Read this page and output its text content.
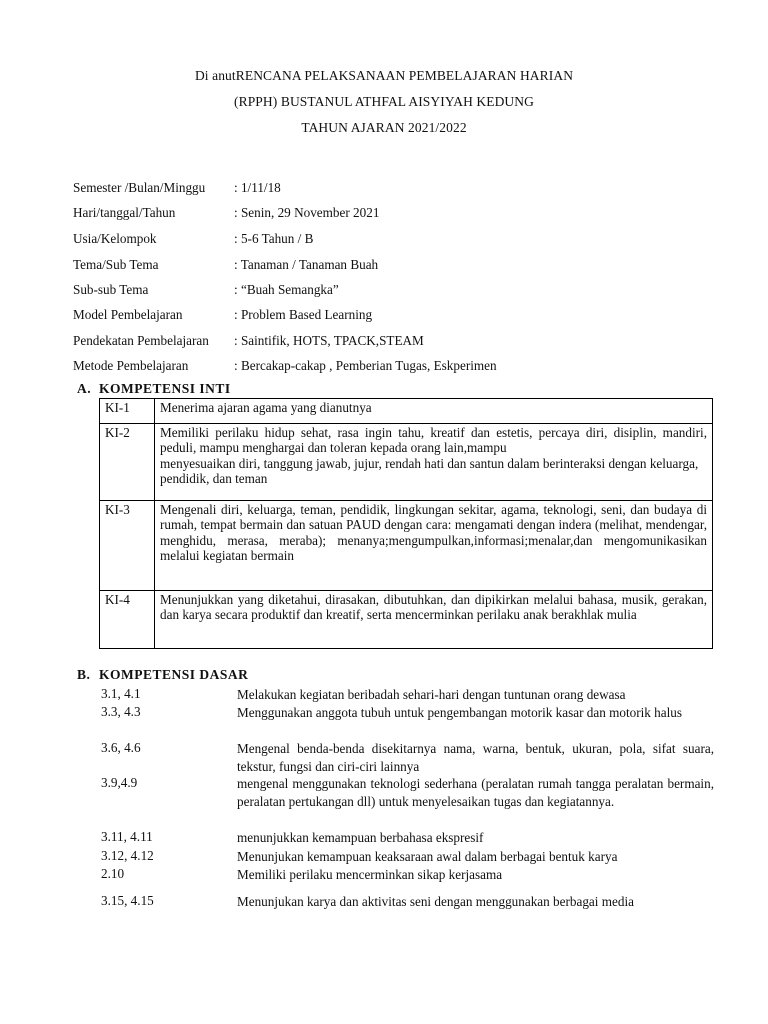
Di anutRENCANA PELAKSANAAN PEMBELAJARAN HARIAN
(RPPH) BUSTANUL ATHFAL AISYIYAH KEDUNG
TAHUN AJARAN 2021/2022
Semester /Bulan/Minggu : 1/11/18
Hari/tanggal/Tahun	: Senin, 29 November 2021
Usia/Kelompok	: 5-6 Tahun / B
Tema/Sub Tema	: Tanaman / Tanaman Buah
Sub-sub Tema	: “Buah Semangka”
Model Pembelajaran	: Problem Based Learning
Pendekatan Pembelajaran : Saintifik, HOTS, TPACK,STEAM
Metode Pembelajaran	: Bercakap-cakap , Pemberian Tugas, Eskperimen
A. KOMPETENSI INTI
KI-1	Menerima ajaran agama yang dianutnya
KI-2	Memiliki perilaku hidup sehat, rasa ingin tahu, kreatif dan estetis, percaya diri, disiplin, mandiri, peduli, mampu menghargai dan toleran kepada orang lain,mampu
menyesuaikan diri, tanggung jawab, jujur, rendah hati dan santun dalam berinteraksi dengan keluarga, pendidik, dan teman

KI-3	Mengenali diri, keluarga, teman, pendidik, lingkungan sekitar, agama, teknologi, seni, dan budaya di rumah, tempat bermain dan satuan PAUD dengan cara: mengamati dengan indera (melihat, mendengar, menghidu, merasa, meraba); menanya;mengumpulkan,informasi;menalar,dan mengomunikasikan melalui kegiatan bermain
KI-4	Menunjukkan yang diketahui, dirasakan, dibutuhkan, dan dipikirkan melalui bahasa, musik, gerakan, dan karya secara produktif dan kreatif, serta mencerminkan perilaku anak berakhlak mulia
B. KOMPETENSI DASAR
3.1, 4.1	Melakukan kegiatan beribadah sehari-hari dengan tuntunan orang dewasa
3.3, 4.3	Menggunakan anggota tubuh untuk pengembangan motorik kasar dan motorik halus
3.6, 4.6	Mengenal benda-benda disekitarnya nama, warna, bentuk, ukuran, pola, sifat suara, tekstur, fungsi dan ciri-ciri lainnya
3.9,4.9	mengenal menggunakan teknologi sederhana (peralatan rumah tangga peralatan bermain, peralatan pertukangan dll) untuk menyelesaikan tugas dan kegiatannya.
3.11, 4.11	menunjukkan kemampuan berbahasa ekspresif
3.12, 4.12	Menunjukan kemampuan keaksaraan awal dalam berbagai bentuk karya
2.10	Memiliki perilaku mencerminkan sikap kerjasama
3.15, 4.15	Menunjukan karya dan aktivitas seni dengan menggunakan berbagai media
